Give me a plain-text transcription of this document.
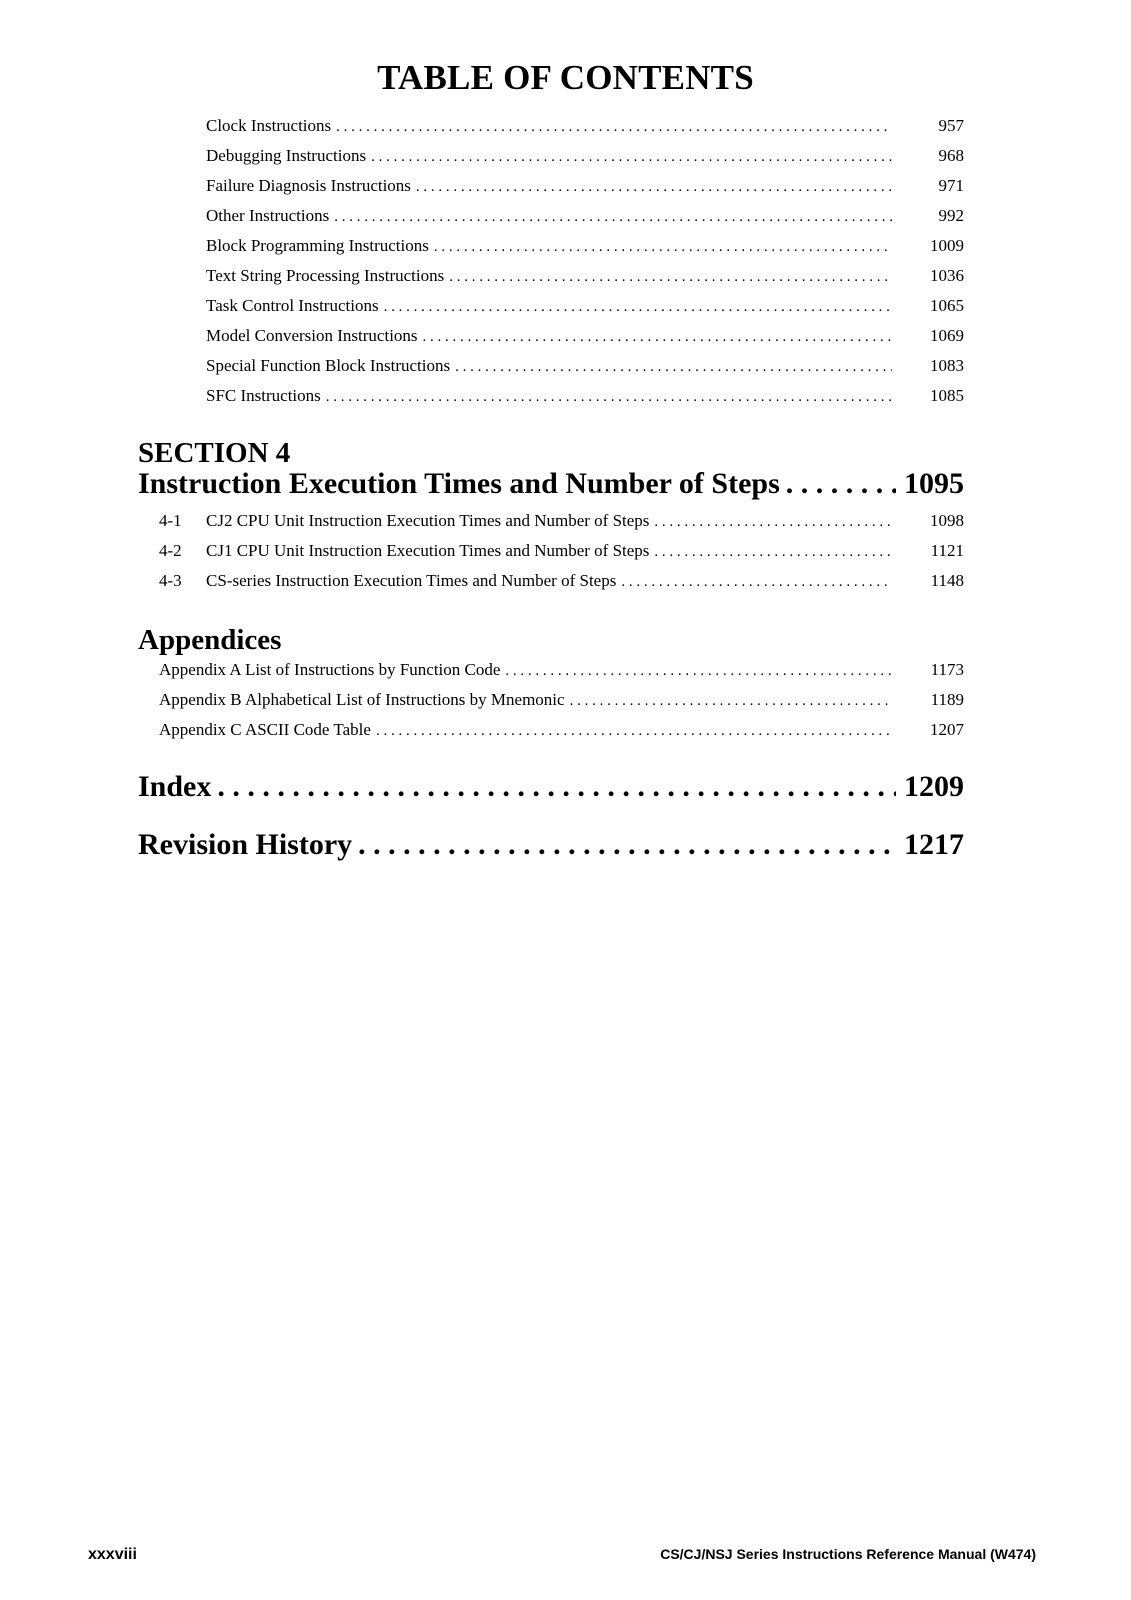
TABLE OF CONTENTS
Clock Instructions . . .	957
Debugging Instructions . . .	968
Failure Diagnosis Instructions . . .	971
Other Instructions . . .	992
Block Programming Instructions . . .	1009
Text String Processing Instructions . . .	1036
Task Control Instructions . . .	1065
Model Conversion Instructions . . .	1069
Special Function Block Instructions . . .	1083
SFC Instructions . . .	1085
SECTION 4
Instruction Execution Times and Number of Steps . . .	1095
4-1	CJ2 CPU Unit Instruction Execution Times and Number of Steps . . .	1098
4-2	CJ1 CPU Unit Instruction Execution Times and Number of Steps . . .	1121
4-3	CS-series Instruction Execution Times and Number of Steps . . .	1148
Appendices
Appendix A List of Instructions by Function Code . . .	1173
Appendix B Alphabetical List of Instructions by Mnemonic . . .	1189
Appendix C ASCII Code Table . . .	1207
Index . . .	1209
Revision History . . .	1217
xxxviii	CS/CJ/NSJ Series Instructions Reference Manual (W474)
